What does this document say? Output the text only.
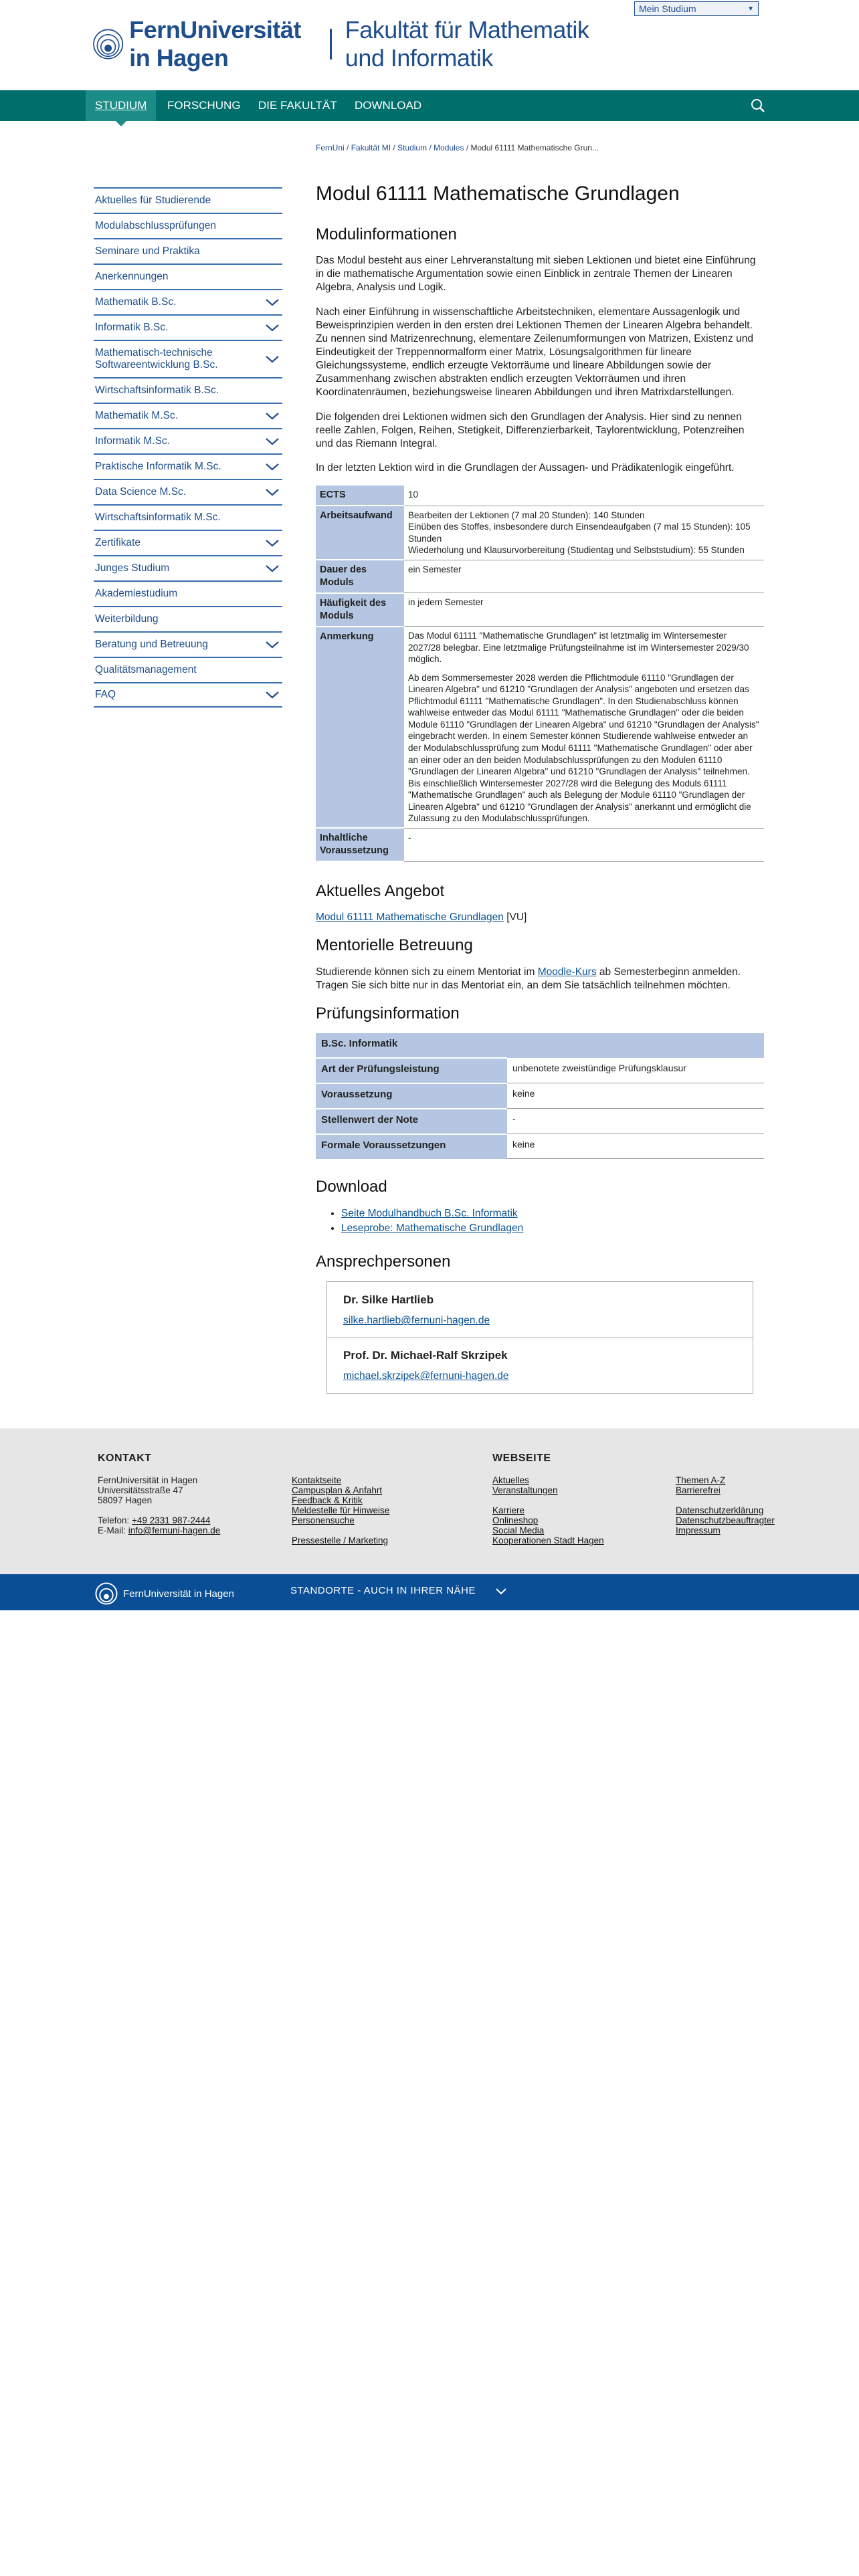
FernUniversität in Hagen
Fakultät für Mathematik und Informatik
Mein Studium	▼
STUDIUM	FORSCHUNG	DIE FAKULTÄT	DOWNLOAD
FernUni / Fakultät MI / Studium / Modules / Modul 61111 Mathematische Grun...
Aktuelles für Studierende
Modulabschlussprüfungen
Seminare und Praktika
Anerkennungen
Mathematik B.Sc.
Informatik B.Sc.
Mathematisch-technische Softwareentwicklung B.Sc.
Wirtschaftsinformatik B.Sc.
Mathematik M.Sc.
Informatik M.Sc.
Praktische Informatik M.Sc.
Data Science M.Sc.
Wirtschaftsinformatik M.Sc.
Zertifikate
Junges Studium
Akademiestudium
Weiterbildung
Beratung und Betreuung
Qualitätsmanagement
FAQ
Modul 61111 Mathematische Grundlagen
Modulinformationen

Das Modul besteht aus einer Lehrveranstaltung mit sieben Lektionen und bietet eine Einführung in die mathematische Argumentation sowie einen Einblick in zentrale Themen der Linearen Algebra, Analysis und Logik.

Nach einer Einführung in wissenschaftliche Arbeitstechniken, elementare Aussagenlogik und Beweisprinzipien werden in den ersten drei Lektionen Themen der Linearen Algebra behandelt. Zu nennen sind Matrizenrechnung, elementare Zeilenumformungen von Matrizen, Existenz und Eindeutigkeit der Treppennormalform einer Matrix, Lösungsalgorithmen für lineare Gleichungssysteme, endlich erzeugte Vektorräume und lineare Abbildungen sowie der Zusammenhang zwischen abstrakten endlich erzeugten Vektorräumen und ihren Koordinatenräumen, beziehungsweise linearen Abbildungen und ihren Matrixdarstellungen.

Die folgenden drei Lektionen widmen sich den Grundlagen der Analysis. Hier sind zu nennen reelle Zahlen, Folgen, Reihen, Stetigkeit, Differenzierbarkeit, Taylorentwicklung, Potenzreihen und das Riemann Integral.

In der letzten Lektion wird in die Grundlagen der Aussagen- und Prädikatenlogik eingeführt.

ECTS	10
Arbeitsaufwand	Bearbeiten der Lektionen (7 mal 20 Stunden): 140 Stunden
Einüben des Stoffes, insbesondere durch Einsendeaufgaben (7 mal 15 Stunden): 105 Stunden
Wiederholung und Klausurvorbereitung (Studientag und Selbststudium): 55 Stunden

Dauer des Moduls	ein Semester
Häufigkeit des Moduls	in jedem Semester
Anmerkung	Das Modul 61111 "Mathematische Grundlagen" ist letztmalig im Wintersemester 2027/28 belegbar. Eine letztmalige Prüfungsteilnahme ist im Wintersemester 2029/30 möglich.
Ab dem Sommersemester 2028 werden die Pflichtmodule 61110 "Grundlagen der Linearen Algebra" und 61210 "Grundlagen der Analysis" angeboten und ersetzen das Pflichtmodul 61111 "Mathematische Grundlagen". In den Studienabschluss können wahlweise entweder das Modul 61111 "Mathematische Grundlagen" oder die beiden Module 61110 "Grundlagen der Linearen Algebra" und 61210 "Grundlagen der Analysis" eingebracht werden. In einem Semester können Studierende wahlweise entweder an der Modulabschlussprüfung zum Modul 61111 "Mathematische Grundlagen" oder aber an einer oder an den beiden Modulabschlussprüfungen zu den Modulen 61110 "Grundlagen der Linearen Algebra" und 61210 "Grundlagen der Analysis" teilnehmen.
Bis einschließlich Wintersemester 2027/28 wird die Belegung des Moduls 61111 "Mathematische Grundlagen" auch als Belegung der Module 61110 "Grundlagen der Linearen Algebra" und 61210 "Grundlagen der Analysis" anerkannt und ermöglicht die Zulassung zu den Modulabschlussprüfungen.

Inhaltliche Voraussetzung	-
Aktuelles Angebot

Modul 61111 Mathematische Grundlagen [VU]

Mentorielle Betreuung

Studierende können sich zu einem Mentoriat im Moodle-Kurs ab Semesterbeginn anmelden. Tragen Sie sich bitte nur in das Mentoriat ein, an dem Sie tatsächlich teilnehmen möchten.

Prüfungsinformation
B.Sc. Informatik	
Art der Prüfungsleistung	unbenotete zweistündige Prüfungsklausur
Voraussetzung	keine
Stellenwert der Note	-
Formale Voraussetzungen	keine
Download
• Seite Modulhandbuch B.Sc. Informatik
• Leseprobe: Mathematische Grundlagen
Ansprechpersonen
Dr. Silke Hartlieb
silke.hartlieb@fernuni-hagen.de
Prof. Dr. Michael-Ralf Skrzipek
michael.skrzipek@fernuni-hagen.de
KONTAKT
FernUniversität in Hagen
Universitätsstraße 47
58097 Hagen
Telefon: +49 2331 987-2444
E-Mail: info@fernuni-hagen.de
Kontaktseite
Campusplan & Anfahrt
Feedback & Kritik
Meldestelle für Hinweise
Personensuche
Pressestelle / Marketing
WEBSEITE
Aktuelles
Veranstaltungen
Karriere
Onlineshop
Social Media
Kooperationen Stadt Hagen
Themen A-Z
Barrierefrei
Datenschutzerklärung
Datenschutzbeauftragter
Impressum
FernUniversität in Hagen	STANDORTE - AUCH IN IHRER NÄHE
